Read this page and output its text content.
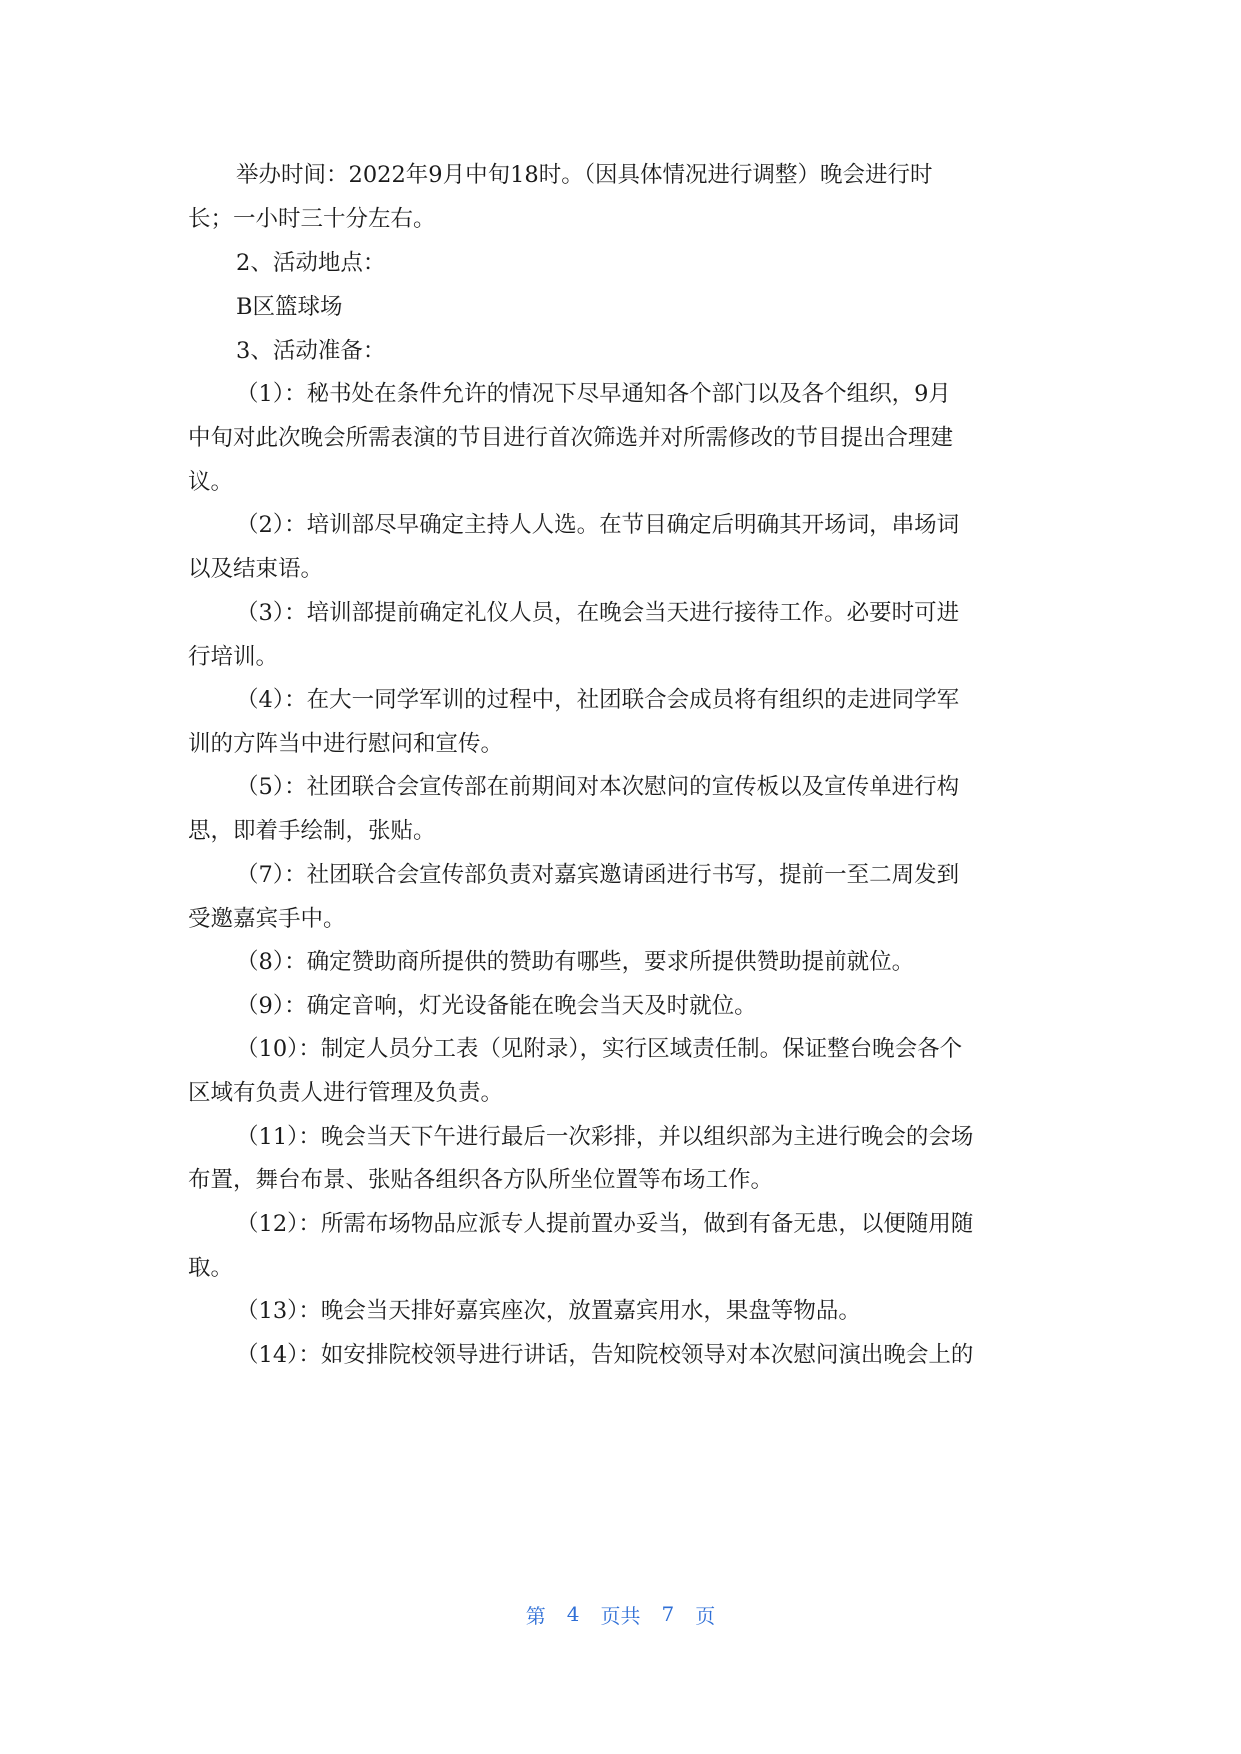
举办时间：2022年9月中旬18时。（因具体情况进行调整）晚会进行时
长；一小时三十分左右。
2、活动地点：
B区篮球场
3、活动准备：
（1）：秘书处在条件允许的情况下尽早通知各个部门以及各个组织，9月
中旬对此次晚会所需表演的节目进行首次筛选并对所需修改的节目提出合理建
议。
（2）：培训部尽早确定主持人人选。在节目确定后明确其开场词，串场词
以及结束语。
（3）：培训部提前确定礼仪人员，在晚会当天进行接待工作。必要时可进
行培训。
（4）：在大一同学军训的过程中，社团联合会成员将有组织的走进同学军
训的方阵当中进行慰问和宣传。
（5）：社团联合会宣传部在前期间对本次慰问的宣传板以及宣传单进行构
思，即着手绘制，张贴。
（7）：社团联合会宣传部负责对嘉宾邀请函进行书写，提前一至二周发到
受邀嘉宾手中。
（8）：确定赞助商所提供的赞助有哪些，要求所提供赞助提前就位。
（9）：确定音响，灯光设备能在晚会当天及时就位。
（10）：制定人员分工表（见附录），实行区域责任制。保证整台晚会各个
区域有负责人进行管理及负责。
（11）：晚会当天下午进行最后一次彩排，并以组织部为主进行晚会的会场
布置，舞台布景、张贴各组织各方队所坐位置等布场工作。
（12）：所需布场物品应派专人提前置办妥当，做到有备无患，以便随用随
取。
（13）：晚会当天排好嘉宾座次，放置嘉宾用水，果盘等物品。
（14）：如安排院校领导进行讲话，告知院校领导对本次慰问演出晚会上的
第 4 页共 7 页
